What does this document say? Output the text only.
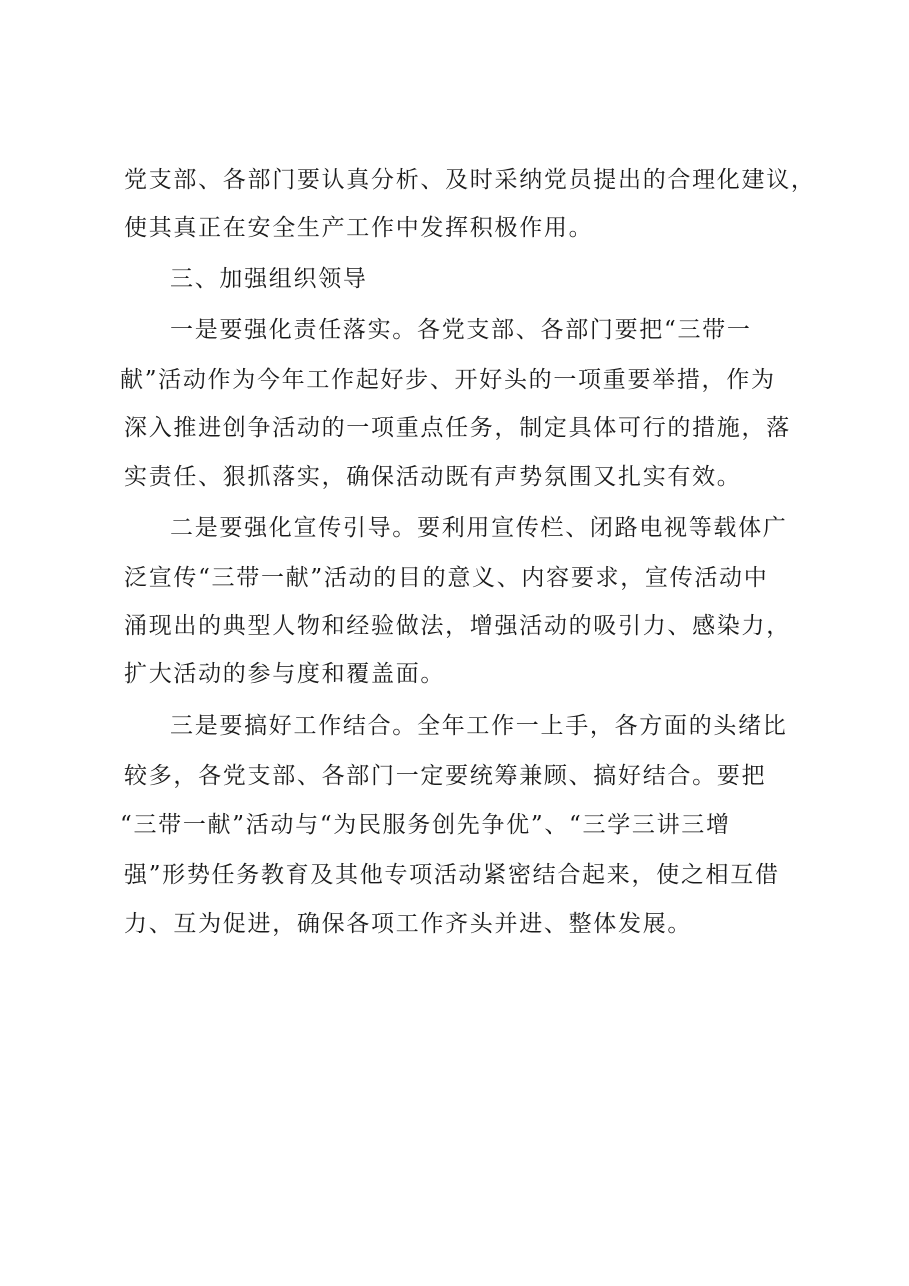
党支部、各部门要认真分析、及时采纳党员提出的合理化建议，

使其真正在安全生产工作中发挥积极作用。

三、加强组织领导

一是要强化责任落实。各党支部、各部门要把“三带一

献”活动作为今年工作起好步、开好头的一项重要举措，作为

深入推进创争活动的一项重点任务，制定具体可行的措施，落

实责任、狠抓落实，确保活动既有声势氛围又扎实有效。

二是要强化宣传引导。要利用宣传栏、闭路电视等载体广

泛宣传“三带一献”活动的目的意义、内容要求，宣传活动中

涌现出的典型人物和经验做法，增强活动的吸引力、感染力，

扩大活动的参与度和覆盖面。

三是要搞好工作结合。全年工作一上手，各方面的头绪比

较多，各党支部、各部门一定要统筹兼顾、搞好结合。要把

“三带一献”活动与“为民服务创先争优”、“三学三讲三增

强”形势任务教育及其他专项活动紧密结合起来，使之相互借

力、互为促进，确保各项工作齐头并进、整体发展。
